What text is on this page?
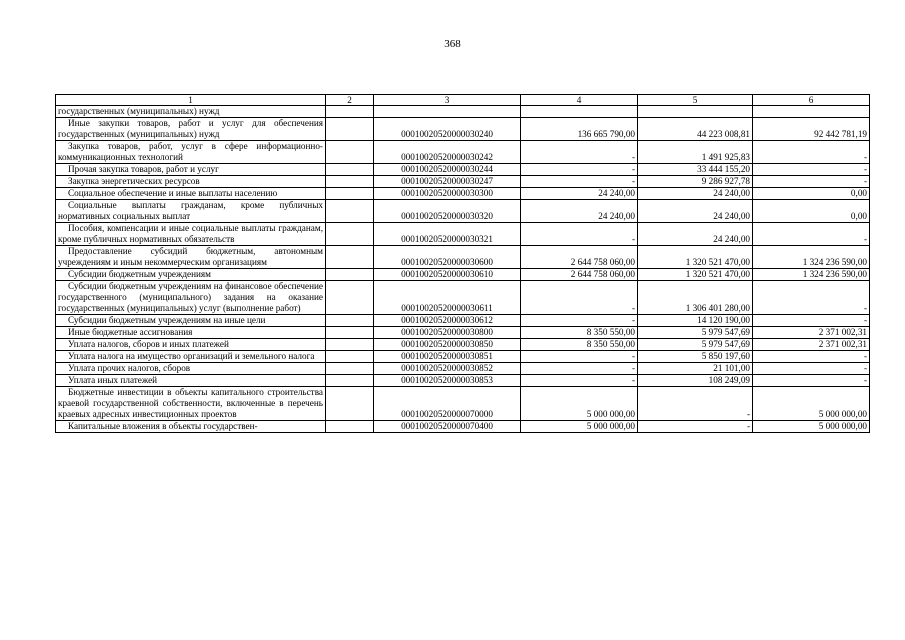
368
1	2	3	4	5	6

государственных (муниципальных) нужд					

Иные закупки товаров, работ и услуг для обеспечения государственных (муниципальных) нужд		00010020520000030240	136 665 790,00	44 223 008,81	92 442 781,19

Закупка товаров, работ, услуг в сфере информационно-коммуникационных технологий		00010020520000030242	-	1 491 925,83	-

Прочая закупка товаров, работ и услуг		00010020520000030244	-	33 444 155,20	-

Закупка энергетических ресурсов		00010020520000030247	-	9 286 927,78	-

Социальное обеспечение и иные выплаты населению		00010020520000030300	24 240,00	24 240,00	0,00

Социальные выплаты гражданам, кроме публичных нормативных социальных выплат		00010020520000030320	24 240,00	24 240,00	0,00

Пособия, компенсации и иные социальные выплаты гражданам, кроме публичных нормативных обязательств		00010020520000030321	-	24 240,00	-

Предоставление субсидий бюджетным, автономным учреждениям и иным некоммерческим организациям		00010020520000030600	2 644 758 060,00	1 320 521 470,00	1 324 236 590,00

Субсидии бюджетным учреждениям		00010020520000030610	2 644 758 060,00	1 320 521 470,00	1 324 236 590,00

Субсидии бюджетным учреждениям на финансовое обеспечение государственного (муниципального) задания на оказание государственных (муниципальных) услуг (выполнение работ)		00010020520000030611	-	1 306 401 280,00	-

Субсидии бюджетным учреждениям на иные цели		00010020520000030612	-	14 120 190,00	-

Иные бюджетные ассигнования		00010020520000030800	8 350 550,00	5 979 547,69	2 371 002,31

Уплата налогов, сборов и иных платежей		00010020520000030850	8 350 550,00	5 979 547,69	2 371 002,31

Уплата налога на имущество организаций и земельного налога		00010020520000030851	-	5 850 197,60	-

Уплата прочих налогов, сборов		00010020520000030852	-	21 101,00	-

Уплата иных платежей		00010020520000030853	-	108 249,09	-

Бюджетные инвестиции в объекты капитального строительства краевой государственной собственности, включенные в перечень краевых адресных инвестиционных проектов		00010020520000070000	5 000 000,00	-	5 000 000,00

Капитальные вложения в объекты государствен-		00010020520000070400	5 000 000,00	-	5 000 000,00
